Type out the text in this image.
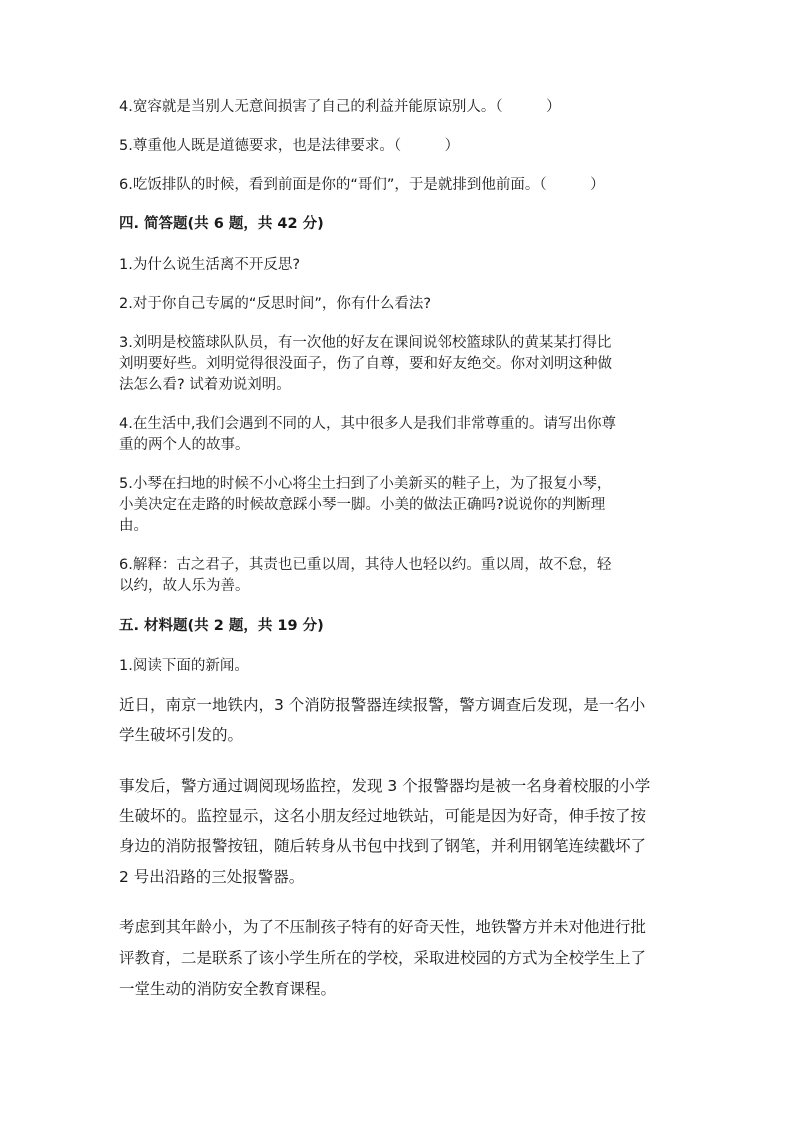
4.宽容就是当别人无意间损害了自己的利益并能原谅别人。（　　　）

5.尊重他人既是道德要求，也是法律要求。（　　　）

6.吃饭排队的时候，看到前面是你的“哥们”，于是就排到他前面。（　　　）

四. 简答题(共 6 题，共 42 分)

1.为什么说生活离不开反思?

2.对于你自己专属的“反思时间”，你有什么看法?

3.刘明是校篮球队队员，有一次他的好友在课间说邻校篮球队的黄某某打得比

刘明要好些。刘明觉得很没面子，伤了自尊，要和好友绝交。你对刘明这种做

法怎么看? 试着劝说刘明。

4.在生活中,我们会遇到不同的人，其中很多人是我们非常尊重的。请写出你尊

重的两个人的故事。

5.小琴在扫地的时候不小心将尘土扫到了小美新买的鞋子上，为了报复小琴，

小美决定在走路的时候故意踩小琴一脚。小美的做法正确吗?说说你的判断理

由。

6.解释：古之君子，其责也已重以周，其待人也轻以约。重以周，故不怠，轻

以约，故人乐为善。

五. 材料题(共 2 题，共 19 分)

1.阅读下面的新闻。

近日，南京一地铁内，3 个消防报警器连续报警，警方调查后发现，是一名小

学生破坏引发的。

事发后，警方通过调阅现场监控，发现 3 个报警器均是被一名身着校服的小学

生破坏的。监控显示，这名小朋友经过地铁站，可能是因为好奇，伸手按了按

身边的消防报警按钮，随后转身从书包中找到了钢笔，并利用钢笔连续戳坏了

2 号出沿路的三处报警器。

考虑到其年龄小，为了不压制孩子特有的好奇天性，地铁警方并未对他进行批

评教育，二是联系了该小学生所在的学校，采取进校园的方式为全校学生上了

一堂生动的消防安全教育课程。
